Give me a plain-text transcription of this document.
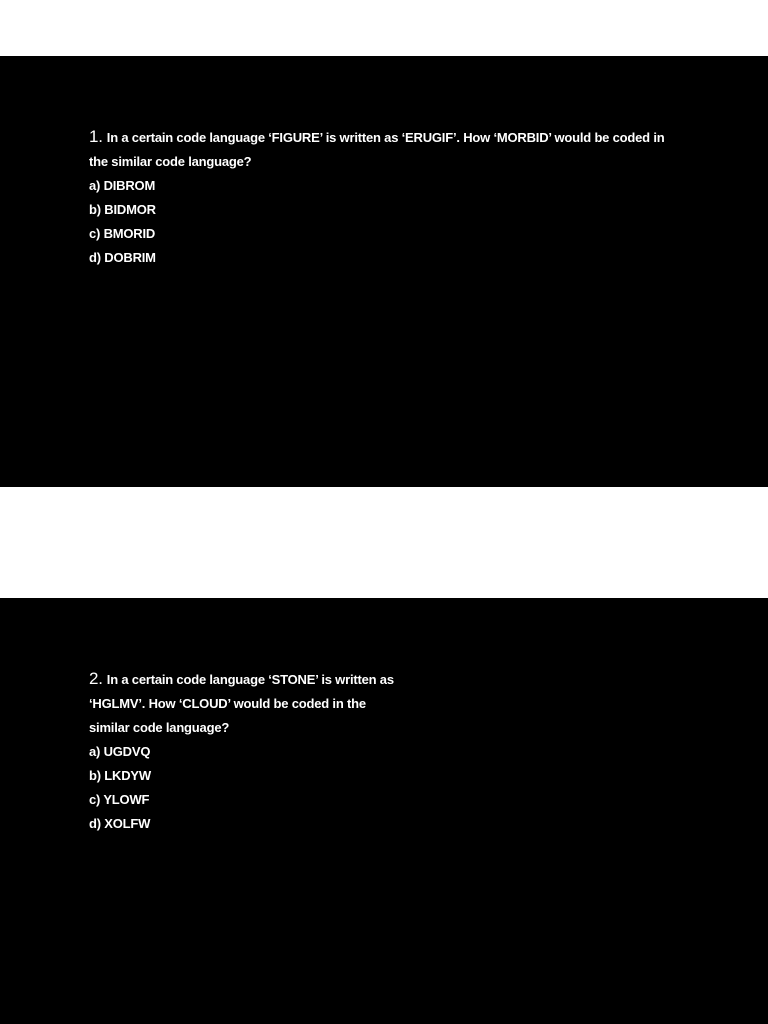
1. In a certain code language ‘FIGURE’ is written as ‘ERUGIF’. How ‘MORBID’ would be coded in the similar code language?
a) DIBROM
b) BIDMOR
c) BMORID
d) DOBRIM
2. In a certain code language ‘STONE’ is written as ‘HGLMV’. How ‘CLOUD’ would be coded in the similar code language?
a) UGDVQ
b) LKDYW
c) YLOWF
d) XOLFW
